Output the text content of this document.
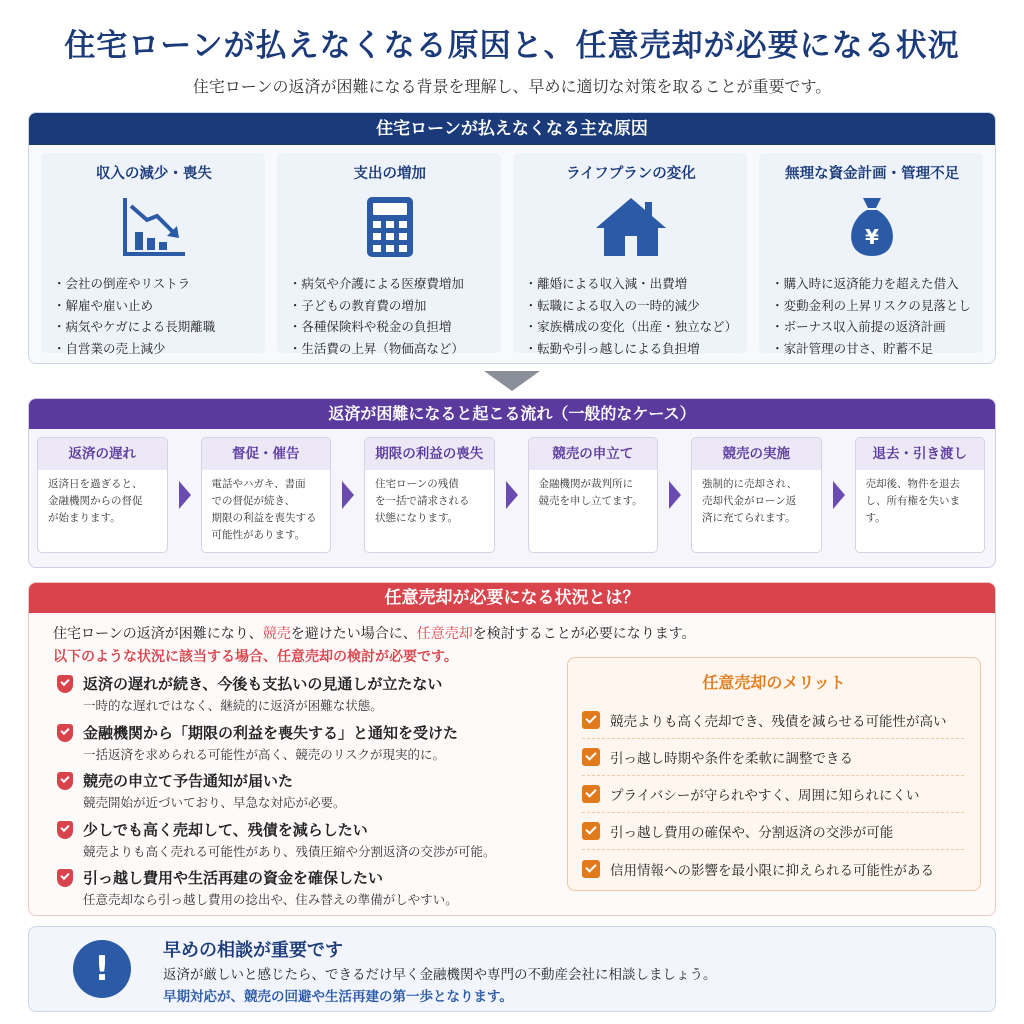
住宅ローンが払えなくなる原因と、任意売却が必要になる状況
住宅ローンの返済が困難になる背景を理解し、早めに適切な対策を取ることが重要です。
住宅ローンが払えなくなる主な原因
収入の減少・喪失
・会社の倒産やリストラ
・解雇や雇い止め
・病気やケガによる長期離職
・自営業の売上減少
支出の増加
・病気や介護による医療費増加
・子どもの教育費の増加
・各種保険料や税金の負担増
・生活費の上昇（物価高など）
ライフプランの変化
・離婚による収入減・出費増
・転職による収入の一時的減少
・家族構成の変化（出産・独立など）
・転勤や引っ越しによる負担増
無理な資金計画・管理不足
¥
・購入時に返済能力を超えた借入
・変動金利の上昇リスクの見落とし
・ボーナス収入前提の返済計画
・家計管理の甘さ、貯蓄不足
返済が困難になると起こる流れ（一般的なケース）
返済の遅れ
返済日を過ぎると、
金融機関からの督促
が始まります。
督促・催告
電話やハガキ、書面
での督促が続き、
期限の利益を喪失する
可能性があります。
期限の利益の喪失
住宅ローンの残債
を一括で請求される
状態になります。
競売の申立て
金融機関が裁判所に
競売を申し立てます。
競売の実施
強制的に売却され、
売却代金がローン返
済に充てられます。
退去・引き渡し
売却後、物件を退去
し、所有権を失います。
任意売却が必要になる状況とは？
住宅ローンの返済が困難になり、競売を避けたい場合に、任意売却を検討することが必要になります。
以下のような状況に該当する場合、任意売却の検討が必要です。
返済の遅れが続き、今後も支払いの見通しが立たない
一時的な遅れではなく、継続的に返済が困難な状態。
金融機関から「期限の利益を喪失する」と通知を受けた
一括返済を求められる可能性が高く、競売のリスクが現実的に。
競売の申立て予告通知が届いた
競売開始が近づいており、早急な対応が必要。
少しでも高く売却して、残債を減らしたい
競売よりも高く売れる可能性があり、残債圧縮や分割返済の交渉が可能。
引っ越し費用や生活再建の資金を確保したい
任意売却なら引っ越し費用の捻出や、住み替えの準備がしやすい。
任意売却のメリット
競売よりも高く売却でき、残債を減らせる可能性が高い
引っ越し時期や条件を柔軟に調整できる
プライバシーが守られやすく、周囲に知られにくい
引っ越し費用の確保や、分割返済の交渉が可能
信用情報への影響を最小限に抑えられる可能性がある
!	早めの相談が重要です
返済が厳しいと感じたら、できるだけ早く金融機関や専門の不動産会社に相談しましょう。
早期対応が、競売の回避や生活再建の第一歩となります。
